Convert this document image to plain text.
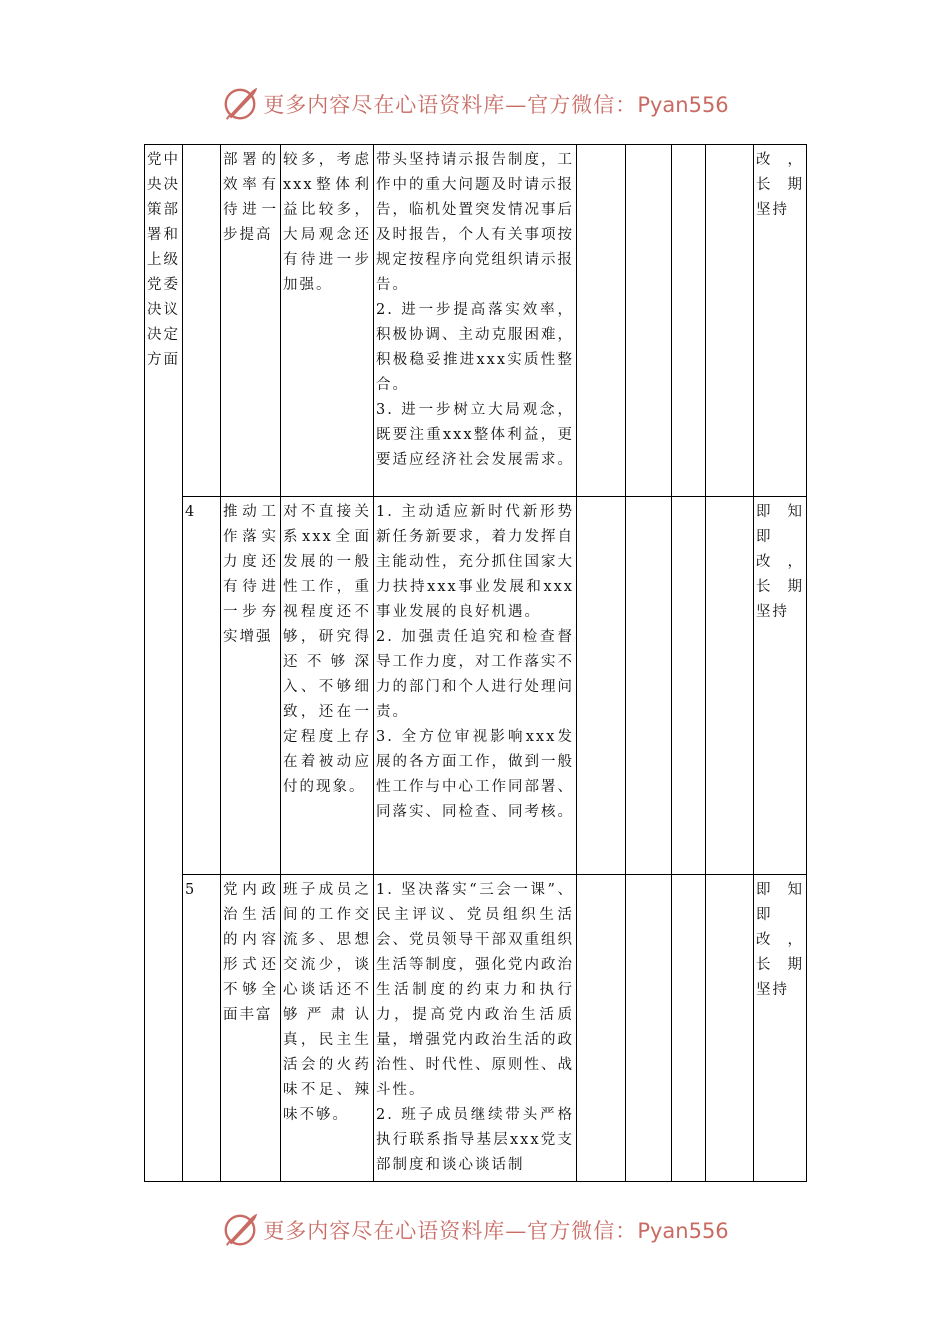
更多内容尽在心语资料库—官方微信：Pyan556
党中央决策部署和上级党委决议决定方面		部署的效率有待进一步提高	较多，考虑xxx整体利益比较多，大局观念还有待进一步加强。	带头坚持请示报告制度，工作中的重大问题及时请示报告，临机处置突发情况事后及时报告，个人有关事项按规定按程序向党组织请示报告。
2. 进一步提高落实效率，积极协调、主动克服困难，积极稳妥推进xxx实质性整合。
3. 进一步树立大局观念，既要注重xxx整体利益，更要适应经济社会发展需求。					改，长期坚持
	4	推动工作落实力度还有待进一步夯实增强	对不直接关系xxx全面发展的一般性工作，重视程度还不够，研究得还不够深入、不够细致，还在一定程度上存在着被动应付的现象。	1. 主动适应新时代新形势新任务新要求，着力发挥自主能动性，充分抓住国家大力扶持xxx事业发展和xxx事业发展的良好机遇。
2. 加强责任追究和检查督导工作力度，对工作落实不力的部门和个人进行处理问责。
3. 全方位审视影响xxx发展的各方面工作，做到一般性工作与中心工作同部署、同落实、同检查、同考核。					即知即改，长期坚持
	5	党内政治生活的内容形式还不够全面丰富	班子成员之间的工作交流多、思想交流少，谈心谈话还不够严肃认真，民主生活会的火药味不足、辣味不够。	1. 坚决落实“三会一课”、民主评议、党员组织生活会、党员领导干部双重组织生活等制度，强化党内政治生活制度的约束力和执行力，提高党内政治生活质量，增强党内政治生活的政治性、时代性、原则性、战斗性。
2. 班子成员继续带头严格执行联系指导基层xxx党支部制度和谈心谈话制					即知即改，长期坚持
更多内容尽在心语资料库—官方微信：Pyan556
